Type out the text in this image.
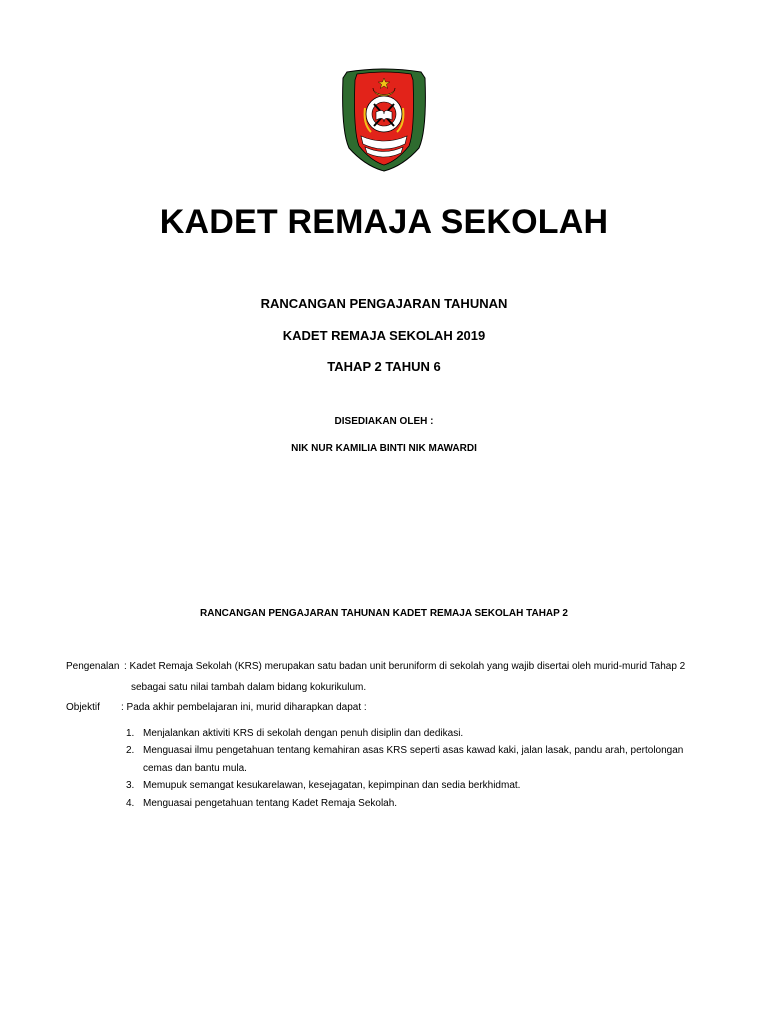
KADET REMAJA SEKOLAH
RANCANGAN PENGAJARAN TAHUNAN
KADET REMAJA SEKOLAH 2019
TAHAP 2 TAHUN 6
DISEDIAKAN OLEH :
NIK NUR KAMILIA BINTI NIK MAWARDI
RANCANGAN PENGAJARAN TAHUNAN KADET REMAJA SEKOLAH TAHAP 2
Pengenalan : Kadet Remaja Sekolah (KRS) merupakan satu badan unit beruniform di sekolah yang wajib disertai oleh murid-murid Tahap 2
sebagai satu nilai tambah dalam bidang kokurikulum.
Objektif : Pada akhir pembelajaran ini, murid diharapkan dapat :
1. Menjalankan aktiviti KRS di sekolah dengan penuh disiplin dan dedikasi.
2. Menguasai ilmu pengetahuan tentang kemahiran asas KRS seperti asas kawad kaki, jalan lasak, pandu arah, pertolongan
cemas dan bantu mula.
3. Memupuk semangat kesukarelawan, kesejagatan, kepimpinan dan sedia berkhidmat.
4. Menguasai pengetahuan tentang Kadet Remaja Sekolah.
